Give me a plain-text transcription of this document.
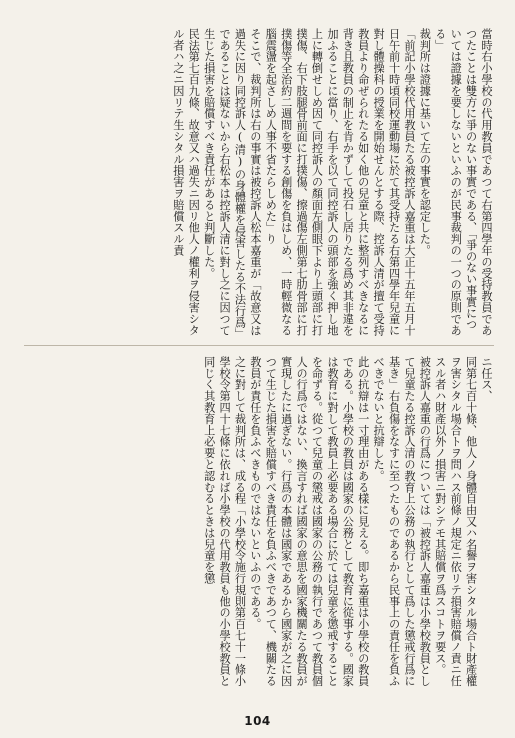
當時右小學校の代用教員であつて右第四學年の受持教員であつたことは雙方に爭のない事實である、「爭のない事實については證據を要しないといふのが民事裁判の一つの原則である」
裁判所は證據に基いて左の事實を認定した。
「前記小學校代用教員たる被控訴人嘉重は大正十五年五月十日午前十時頃同校運動場に於て其受持たる右第四學年兒童に對し體操科の授業を開始せんとする際、控訴人清が擅て受持教員より命ぜられたる如く他の兒童と共に整列すべきなるに背き且教員の制止を肯かずして投石し居りたる爲め其非違を加ふることに當り、右手を以て同控訴人の頭部を強く押し地上に轉倒せしめ因て同控訴人の顏面左側眼下より上頭部に打撲傷、右下肢腿骨前面に打撲傷、擦過傷左側第七肋骨部に打撲傷等全治約二週間を要する創傷を負はしめ、一時輕微なる腦震盪を起さしめ人事不省たらしめた」り
そこで、裁判所は右の事實は被控訴人松本嘉重が「故意又は過失に因り同控訴人(清)の身體權を侵害したる不法行爲」であることは疑ないから右松本は控訴人清に對し之に因つて生じた損害を賠償すべき責任があると判斷した。
民法第七百九條、故意又ハ過失ニ因リ他人ノ權利ヲ侵害シタル者ハ之ニ因リテ生シタル損害ヲ賠償スル責
ニ任ス、
同第七百十條、他人ノ身體自由又ハ名譽ヲ害シタル場合ト財產權ヲ害シタル場合トヲ問ハス前條ノ規定ニ依リテ損害賠償ノ責ニ任スル者ハ財產以外ノ損害ニ對シテモ其賠償ヲ爲スコトヲ要ス。
被控訴人嘉重の行爲については「被控訴人嘉重は小學校教員として兒童たる控訴人清の教育上公務の執行として爲した懲戒行爲に基き」右負傷をなすに至つたものであるから民事上の責任を負ふべきでないと抗辯した。
此の抗辯は一寸理由がある樣に見える。即ち嘉重は小學校の教員である。小學校の教員は國家の公務として教育に從事する。國家は教育に對して教員上必要ある場合に於ては兒童を懲戒することを命ずる。從つて兒童の懲戒は國家の公務の執行であつて教員個人の行爲ではない、換言すれば國家の意思を國家機關たる教員が實現したに過ぎない。行爲の本體は國家であるから國家が之に因つて生じた損害を賠償すべき責任を負ふべきであつて、機關たる教員が責任を負ふべきものではないといふのである。
之に對して裁判所は、成る程「小學校令施行規則第百七十一條小學校令第四十七條に依れば小學校の代用教員も他の小學校教員と同じく其教育上必要と認むるときは兒童を懲
104
